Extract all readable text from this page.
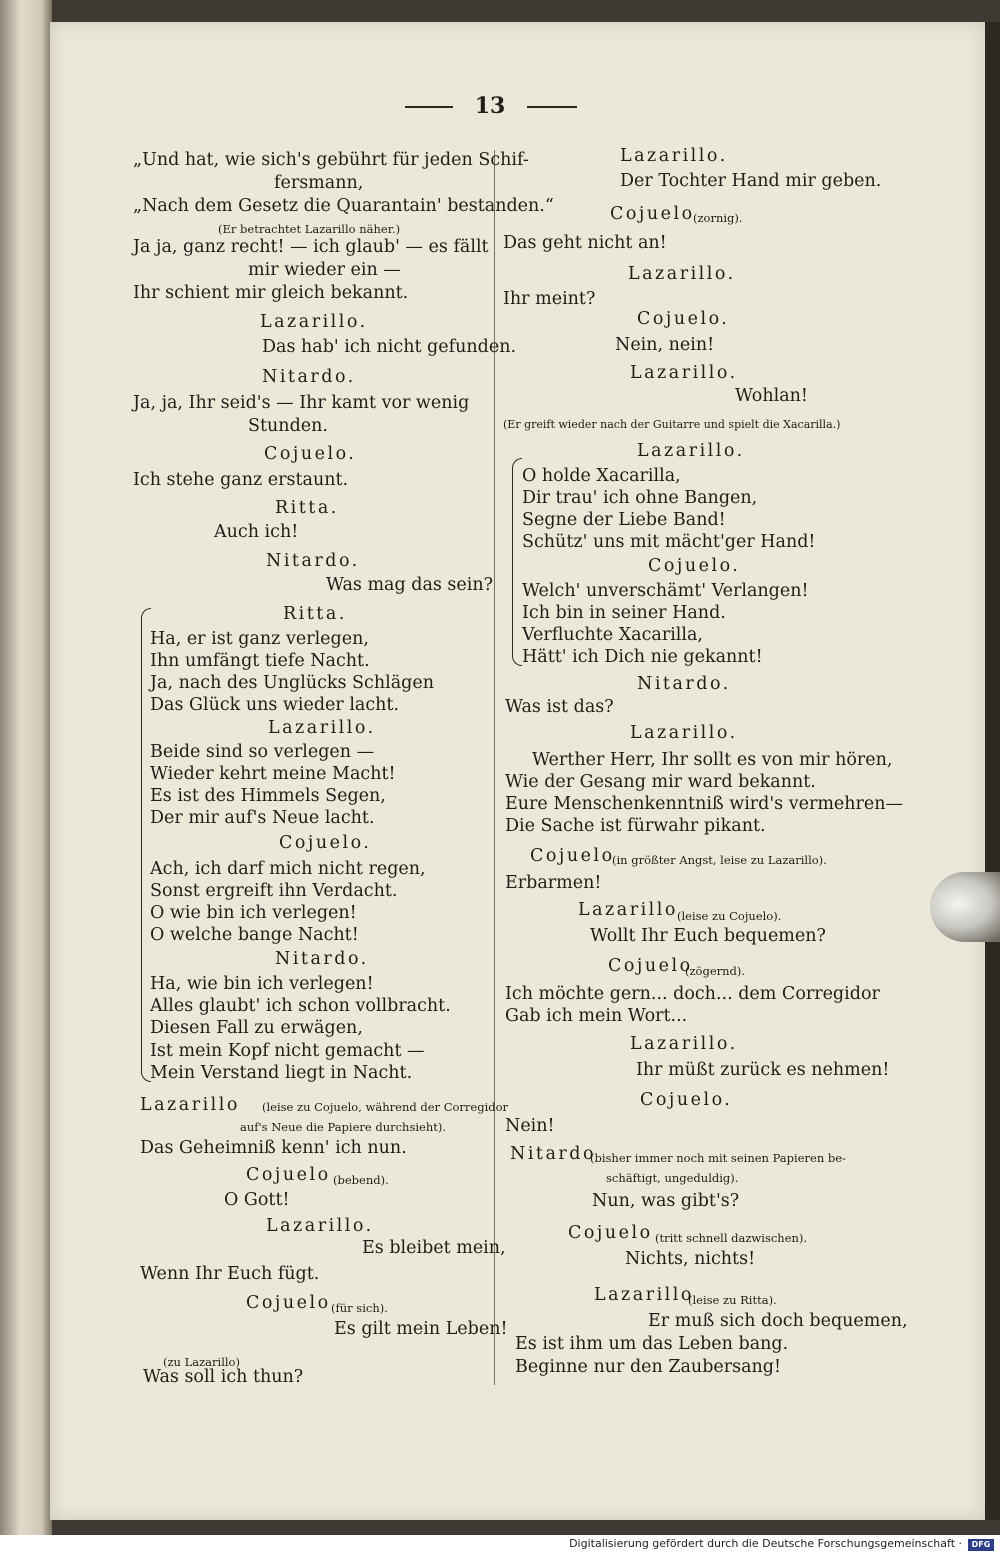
13
„Und hat, wie sich's gebührt für jeden Schif-
fersmann,
„Nach dem Gesetz die Quarantain' bestanden.“
(Er betrachtet Lazarillo näher.)
Ja ja, ganz recht! — ich glaub' — es fällt
mir wieder ein —
Ihr schient mir gleich bekannt.
Lazarillo.
Das hab' ich nicht gefunden.
Nitardo.
Ja, ja, Ihr seid's — Ihr kamt vor wenig
Stunden.
Cojuelo.
Ich stehe ganz erstaunt.
Ritta.
Auch ich!
Nitardo.
Was mag das sein?
Ritta.
Ha, er ist ganz verlegen,
Ihn umfängt tiefe Nacht.
Ja, nach des Unglücks Schlägen
Das Glück uns wieder lacht.
Lazarillo.
Beide sind so verlegen —
Wieder kehrt meine Macht!
Es ist des Himmels Segen,
Der mir auf's Neue lacht.
Cojuelo.
Ach, ich darf mich nicht regen,
Sonst ergreift ihn Verdacht.
O wie bin ich verlegen!
O welche bange Nacht!
Nitardo.
Ha, wie bin ich verlegen!
Alles glaubt' ich schon vollbracht.
Diesen Fall zu erwägen,
Ist mein Kopf nicht gemacht —
Mein Verstand liegt in Nacht.
Lazarillo (leise zu Cojuelo, während der Corregidor
auf's Neue die Papiere durchsieht).
Das Geheimniß kenn' ich nun.
Cojuelo (bebend).
O Gott!
Lazarillo.
Es bleibet mein,
Wenn Ihr Euch fügt.
Cojuelo (für sich).
Es gilt mein Leben!
(zu Lazarillo)
Was soll ich thun?
Lazarillo.
Der Tochter Hand mir geben.
Cojuelo
(zornig).
Das geht nicht an!
Lazarillo.
Ihr meint?
Cojuelo.
Nein, nein!
Lazarillo.
Wohlan!
(Er greift wieder nach der Guitarre und spielt die Xacarilla.)
Lazarillo.
O holde Xacarilla,
Dir trau' ich ohne Bangen,
Segne der Liebe Band!
Schütz' uns mit mächt'ger Hand!
Cojuelo.
Welch' unverschämt' Verlangen!
Ich bin in seiner Hand.
Verfluchte Xacarilla,
Hätt' ich Dich nie gekannt!
Nitardo.
Was ist das?
Lazarillo.
Werther Herr, Ihr sollt es von mir hören,
Wie der Gesang mir ward bekannt.
Eure Menschenkenntniß wird's vermehren—
Die Sache ist fürwahr pikant.
Cojuelo
(in größter Angst, leise zu Lazarillo).
Erbarmen!
Lazarillo (leise zu Cojuelo).
Wollt Ihr Euch bequemen?
Cojuelo
(zögernd).
Ich möchte gern... doch... dem Corregidor
Gab ich mein Wort...
Lazarillo.
Ihr müßt zurück es nehmen!
Cojuelo.
Nein!
Nitardo
(bisher immer noch mit seinen Papieren be-
schäftigt, ungeduldig).
Nun, was gibt's?
Cojuelo (tritt schnell dazwischen).
Nichts, nichts!
Lazarillo
(leise zu Ritta).
Er muß sich doch bequemen,
Es ist ihm um das Leben bang.
Beginne nur den Zaubersang!
Digitalisierung gefördert durch die Deutsche Forschungsgemeinschaft ·	DFG
